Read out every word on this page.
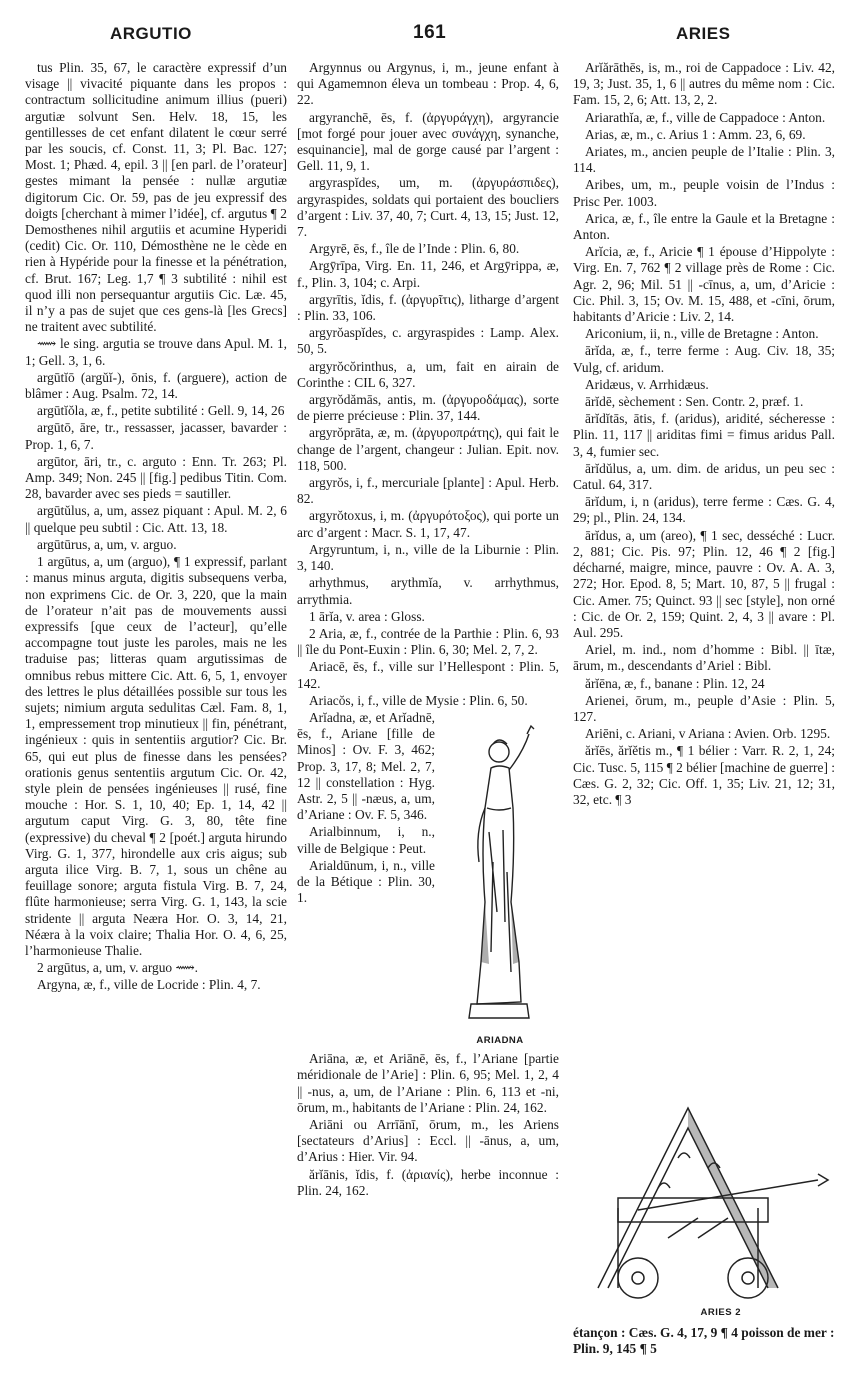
ARGUTIO	161	ARIES

tus Plin. 35, 67, le caractère expressif d’un visage || vivacité piquante dans les propos : contractum sollicitudine animum illius (pueri) argutiæ solvunt Sen. Helv. 18, 15, les gentillesses de cet enfant dilatent le cœur serré par les soucis, cf. Const. 11, 3; Pl. Bac. 127; Most. 1; Phæd. 4, epil. 3 || [en parl. de l’orateur] gestes mimant la pensée : nullæ argutiæ digitorum Cic. Or. 59, pas de jeu expressif des doigts [cherchant à mimer l’idée], cf. argutus ¶ 2 Demosthenes nihil argutiis et acumine Hyperidi (cedit) Cic. Or. 110, Démosthène ne le cède en rien à Hypéride pour la finesse et la pénétration, cf. Brut. 167; Leg. 1,7 ¶ 3 subtilité : nihil est quod illi non persequantur argutiis Cic. Læ. 45, il n’y a pas de sujet que ces gens-là [les Grecs] ne traitent avec subtilité.

⟿ le sing. argutia se trouve dans Apul. M. 1, 1; Gell. 3, 1, 6.

argūtĭō (argŭĭ-), ōnis, f. (arguere), action de blâmer : Aug. Psalm. 72, 14.

argūtĭŏla, æ, f., petite subtilité : Gell. 9, 14, 26

argūtō, āre, tr., ressasser, jacasser, bavarder : Prop. 1, 6, 7.

argūtor, āri, tr., c. arguto : Enn. Tr. 263; Pl. Amp. 349; Non. 245 || [fig.] pedibus Titin. Com. 28, bavarder avec ses pieds = sautiller.

argūtŭlus, a, um, assez piquant : Apul. M. 2, 6 || quelque peu subtil : Cic. Att. 13, 18.

argūtūrus, a, um, v. arguo.

1 argūtus, a, um (arguo), ¶ 1 expressif, parlant : manus minus arguta, digitis subsequens verba, non exprimens Cic. de Or. 3, 220, que la main de l’orateur n’ait pas de mouvements aussi expressifs [que ceux de l’acteur], qu’elle accompagne tout juste les paroles, mais ne les traduise pas; litteras quam argutissimas de omnibus rebus mittere Cic. Att. 6, 5, 1, envoyer des lettres le plus détaillées possible sur tous les sujets; nimium arguta sedulitas Cæl. Fam. 8, 1, 1, empressement trop minutieux || fin, pénétrant, ingénieux : quis in sententiis argutior? Cic. Br. 65, qui eut plus de finesse dans les pensées? orationis genus sententiis argutum Cic. Or. 42, style plein de pensées ingénieuses || rusé, fine mouche : Hor. S. 1, 10, 40; Ep. 1, 14, 42 || argutum caput Virg. G. 3, 80, tête fine (expressive) du cheval ¶ 2 [poét.] arguta hirundo Virg. G. 1, 377, hirondelle aux cris aigus; sub arguta ilice Virg. B. 7, 1, sous un chêne au feuillage sonore; arguta fistula Virg. B. 7, 24, flûte harmonieuse; serra Virg. G. 1, 143, la scie stridente || arguta Neæra Hor. O. 3, 14, 21, Néæra à la voix claire; Thalia Hor. O. 4, 6, 25, l’harmonieuse Thalie.

2 argūtus, a, um, v. arguo ⟿.

Argyna, æ, f., ville de Locride : Plin. 4, 7.

Argynnus ou Argynus, i, m., jeune enfant à qui Agamemnon éleva un tombeau : Prop. 4, 6, 22.

argyranchē, ēs, f. (ἀργυράγχη), argyrancie [mot forgé pour jouer avec συνάγχη, synanche, esquinancie], mal de gorge causé par l’argent : Gell. 11, 9, 1.

argyraspĭdes, um, m. (ἀργυράσπιδες), argyraspides, soldats qui portaient des boucliers d’argent : Liv. 37, 40, 7; Curt. 4, 13, 15; Just. 12, 7.

Argyrē, ēs, f., île de l’Inde : Plin. 6, 80.

Argȳrīpa, Virg. En. 11, 246, et Argȳrippa, æ, f., Plin. 3, 104; c. Arpi.

argyrītis, ĭdis, f. (ἀργυρῖτις), litharge d’argent : Plin. 33, 106.

argyrŏaspĭdes, c. argyraspides : Lamp. Alex. 50, 5.

argyrŏcŏrinthus, a, um, fait en airain de Corinthe : CIL 6, 327.

argyrŏdămās, antis, m. (ἀργυροδάμας), sorte de pierre précieuse : Plin. 37, 144.

argyrŏprāta, æ, m. (ἀργυροπράτης), qui fait le change de l’argent, changeur : Julian. Epit. nov. 118, 500.

argyrŏs, i, f., mercuriale [plante] : Apul. Herb. 82.

argyrŏtoxus, i, m. (ἀργυρότοξος), qui porte un arc d’argent : Macr. S. 1, 17, 47.

Argyruntum, i, n., ville de la Liburnie : Plin. 3, 140.

arhythmus, arythmĭa, v. arrhythmus, arrythmia.

1 ārĭa, v. area : Gloss.

2 Aria, æ, f., contrée de la Parthie : Plin. 6, 93 || île du Pont-Euxin : Plin. 6, 30; Mel. 2, 7, 2.

Ariacē, ēs, f., ville sur l’Hellespont : Plin. 5, 142.

Ariacŏs, i, f., ville de Mysie : Plin. 6, 50.

ARIADNA

Arĭadna, æ, et Arĭadnē, ēs, f., Ariane [fille de Minos] : Ov. F. 3, 462; Prop. 3, 17, 8; Mel. 2, 7, 12 || constellation : Hyg. Astr. 2, 5 || -næus, a, um, d’Ariane : Ov. F. 5, 346.

Arialbinnum, i, n., ville de Belgique : Peut.

Arialdūnum, i, n., ville de la Bétique : Plin. 30, 1.

Ariāna, æ, et Ariānē, ēs, f., l’Ariane [partie méridionale de l’Arie] : Plin. 6, 95; Mel. 1, 2, 4 || -nus, a, um, de l’Ariane : Plin. 6, 113 et -ni, ōrum, m., habitants de l’Ariane : Plin. 24, 162.

Ariāni ou Arrīānī, ōrum, m., les Ariens [sectateurs d’Arius] : Eccl. || -ānus, a, um, d’Arius : Hier. Vir. 94.

ărĭānis, ĭdis, f. (ἀριανίς), herbe inconnue : Plin. 24, 162.

Arĭărāthēs, is, m., roi de Cappadoce : Liv. 42, 19, 3; Just. 35, 1, 6 || autres du même nom : Cic. Fam. 15, 2, 6; Att. 13, 2, 2.

Ariarathĭa, æ, f., ville de Cappadoce : Anton.

Arias, æ, m., c. Arius 1 : Amm. 23, 6, 69.

Ariates, m., ancien peuple de l’Italie : Plin. 3, 114.

Aribes, um, m., peuple voisin de l’Indus : Prisc Per. 1003.

Arica, æ, f., île entre la Gaule et la Bretagne : Anton.

Arĭcia, æ, f., Aricie ¶ 1 épouse d’Hippolyte : Virg. En. 7, 762 ¶ 2 village près de Rome : Cic. Agr. 2, 96; Mil. 51 || -cīnus, a, um, d’Aricie : Cic. Phil. 3, 15; Ov. M. 15, 488, et -cīni, ōrum, habitants d’Aricie : Liv. 2, 14.

Ariconium, ii, n., ville de Bretagne : Anton.

ārĭda, æ, f., terre ferme : Aug. Civ. 18, 35; Vulg, cf. aridum.

Aridæus, v. Arrhidæus.

ārĭdē, sèchement : Sen. Contr. 2, præf. 1.

ārĭdĭtās, ātis, f. (aridus), aridité, sécheresse : Plin. 11, 117 || ariditas fimi = fimus aridus Pall. 3, 4, fumier sec.

ārĭdŭlus, a, um. dim. de aridus, un peu sec : Catul. 64, 317.

ārĭdum, i, n (aridus), terre ferme : Cæs. G. 4, 29; pl., Plin. 24, 134.

ārĭdus, a, um (areo), ¶ 1 sec, desséché : Lucr. 2, 881; Cic. Pis. 97; Plin. 12, 46 ¶ 2 [fig.] décharné, maigre, mince, pauvre : Ov. A. A. 3, 272; Hor. Epod. 8, 5; Mart. 10, 87, 5 || frugal : Cic. Amer. 75; Quinct. 93 || sec [style], non orné : Cic. de Or. 2, 159; Quint. 2, 4, 3 || avare : Pl. Aul. 295.

Ariel, m. ind., nom d’homme : Bibl. || ītæ, ārum, m., descendants d’Ariel : Bibl.

ărĭēna, æ, f., banane : Plin. 12, 24

Arienei, ōrum, m., peuple d’Asie : Plin. 5, 127.

Ariēni, c. Ariani, v Ariana : Avien. Orb. 1295.

ărĭēs, ărĭĕtis m., ¶ 1 bélier : Varr. R. 2, 1, 24; Cic. Tusc. 5, 115 ¶ 2 bélier [machine de guerre] : Cæs. G. 2, 32; Cic. Off. 1, 35; Liv. 21, 12; 31, 32, etc. ¶ 3

ARIES 2
étançon : Cæs. G. 4, 17, 9 ¶ 4 poisson de mer : Plin. 9, 145 ¶ 5
